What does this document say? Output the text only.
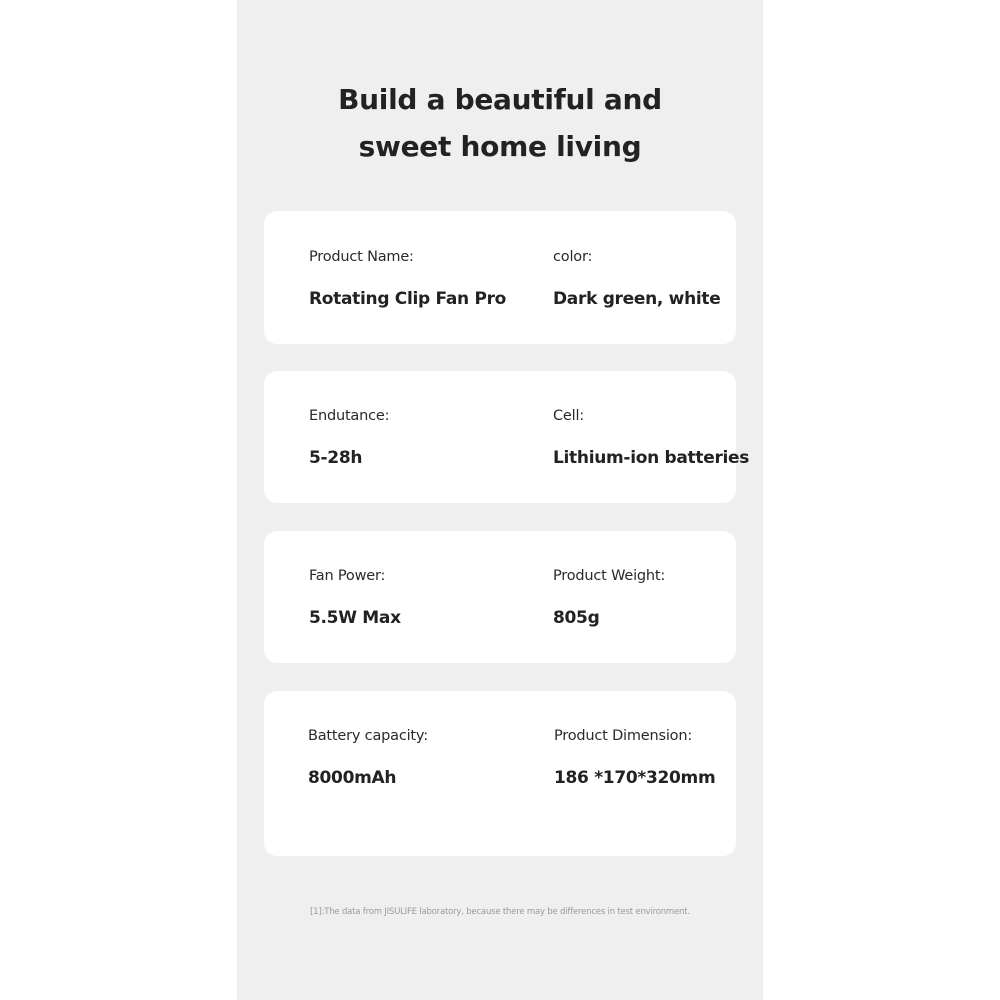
Build a beautiful and
sweet home living
Product Name:
Rotating Clip Fan Pro
color:
Dark green, white
Endutance:
5-28h
Cell:
Lithium-ion batteries
Fan Power:
5.5W Max
Product Weight:
805g
Battery capacity:
8000mAh
Product Dimension:
186 *170*320mm
[1]:The data from JISULIFE laboratory, because there may be differences in test environment.
